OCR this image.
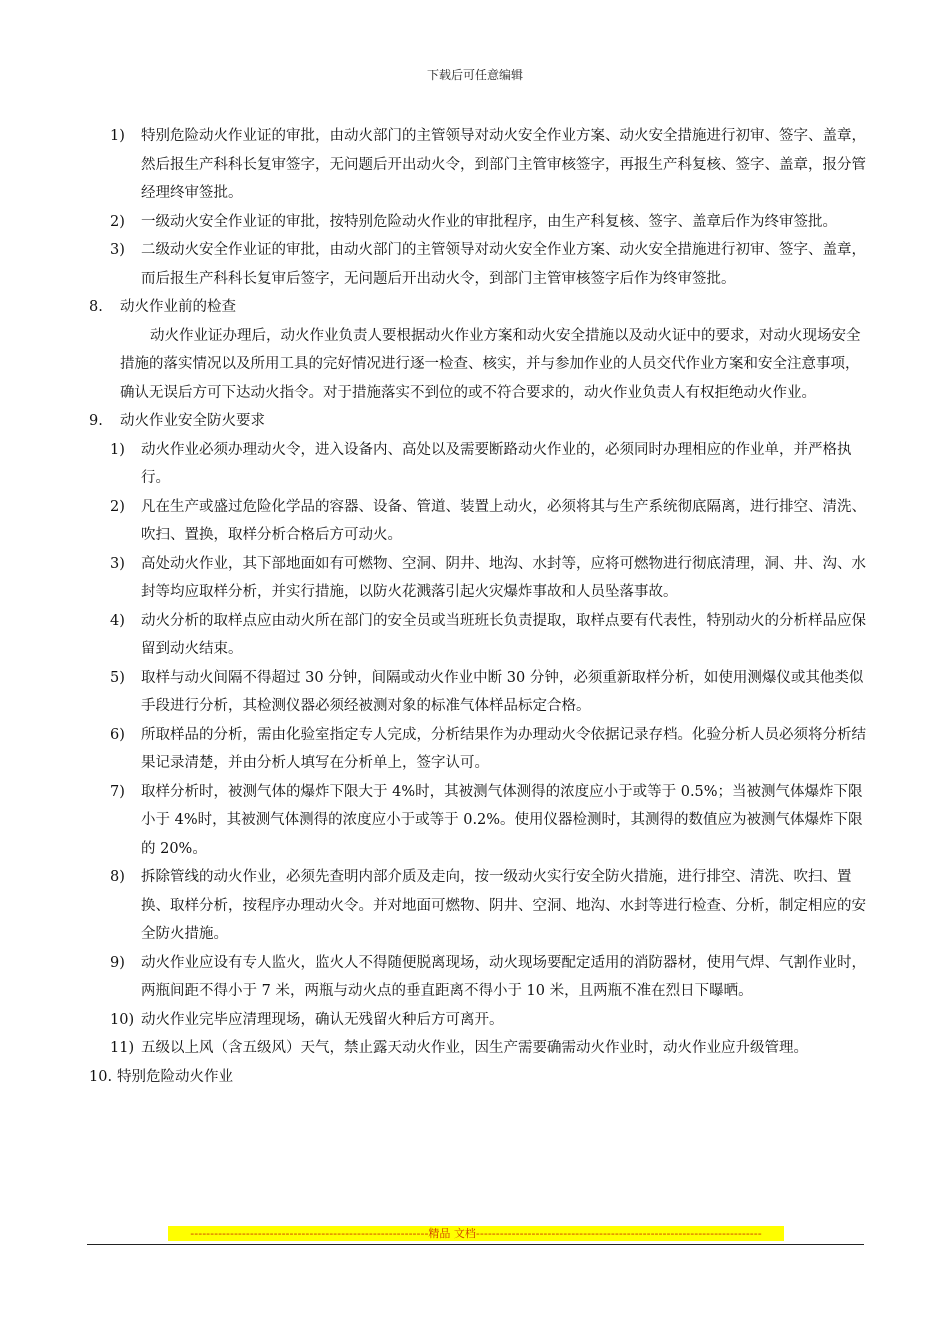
下载后可任意编辑
1) 特别危险动火作业证的审批，由动火部门的主管领导对动火安全作业方案、动火安全措施进行初审、签字、盖章，然后报生产科科长复审签字，无问题后开出动火令，到部门主管审核签字，再报生产科复核、签字、盖章，报分管经理终审签批。
2) 一级动火安全作业证的审批，按特别危险动火作业的审批程序，由生产科复核、签字、盖章后作为终审签批。
3) 二级动火安全作业证的审批，由动火部门的主管领导对动火安全作业方案、动火安全措施进行初审、签字、盖章，而后报生产科科长复审后签字，无问题后开出动火令，到部门主管审核签字后作为终审签批。
8. 动火作业前的检查
动火作业证办理后，动火作业负责人要根据动火作业方案和动火安全措施以及动火证中的要求，对动火现场安全措施的落实情况以及所用工具的完好情况进行逐一检查、核实，并与参加作业的人员交代作业方案和安全注意事项，确认无误后方可下达动火指令。对于措施落实不到位的或不符合要求的，动火作业负责人有权拒绝动火作业。
9. 动火作业安全防火要求
1) 动火作业必须办理动火令，进入设备内、高处以及需要断路动火作业的，必须同时办理相应的作业单，并严格执行。
2) 凡在生产或盛过危险化学品的容器、设备、管道、装置上动火，必须将其与生产系统彻底隔离，进行排空、清洗、吹扫、置换，取样分析合格后方可动火。
3) 高处动火作业，其下部地面如有可燃物、空洞、阴井、地沟、水封等，应将可燃物进行彻底清理，洞、井、沟、水封等均应取样分析，并实行措施，以防火花溅落引起火灾爆炸事故和人员坠落事故。
4) 动火分析的取样点应由动火所在部门的安全员或当班班长负责提取，取样点要有代表性，特别动火的分析样品应保留到动火结束。
5) 取样与动火间隔不得超过 30 分钟，间隔或动火作业中断 30 分钟，必须重新取样分析，如使用测爆仪或其他类似手段进行分析，其检测仪器必须经被测对象的标准气体样品标定合格。
6) 所取样品的分析，需由化验室指定专人完成，分析结果作为办理动火令依据记录存档。化验分析人员必须将分析结果记录清楚，并由分析人填写在分析单上，签字认可。
7) 取样分析时，被测气体的爆炸下限大于 4%时，其被测气体测得的浓度应小于或等于 0.5%；当被测气体爆炸下限小于 4%时，其被测气体测得的浓度应小于或等于 0.2%。使用仪器检测时，其测得的数值应为被测气体爆炸下限的 20%。
8) 拆除管线的动火作业，必须先查明内部介质及走向，按一级动火实行安全防火措施，进行排空、清洗、吹扫、置换、取样分析，按程序办理动火令。并对地面可燃物、阴井、空洞、地沟、水封等进行检查、分析，制定相应的安全防火措施。
9) 动火作业应设有专人监火，监火人不得随便脱离现场，动火现场要配定适用的消防器材，使用气焊、气割作业时，两瓶间距不得小于 7 米，两瓶与动火点的垂直距离不得小于 10 米，且两瓶不准在烈日下曝晒。
10) 动火作业完毕应清理现场，确认无残留火种后方可离开。
11) 五级以上风（含五级风）天气，禁止露天动火作业，因生产需要确需动火作业时，动火作业应升级管理。
10. 特别危险动火作业
------------------------------------------------------------精品 文档------------------------------------------------------------------------
